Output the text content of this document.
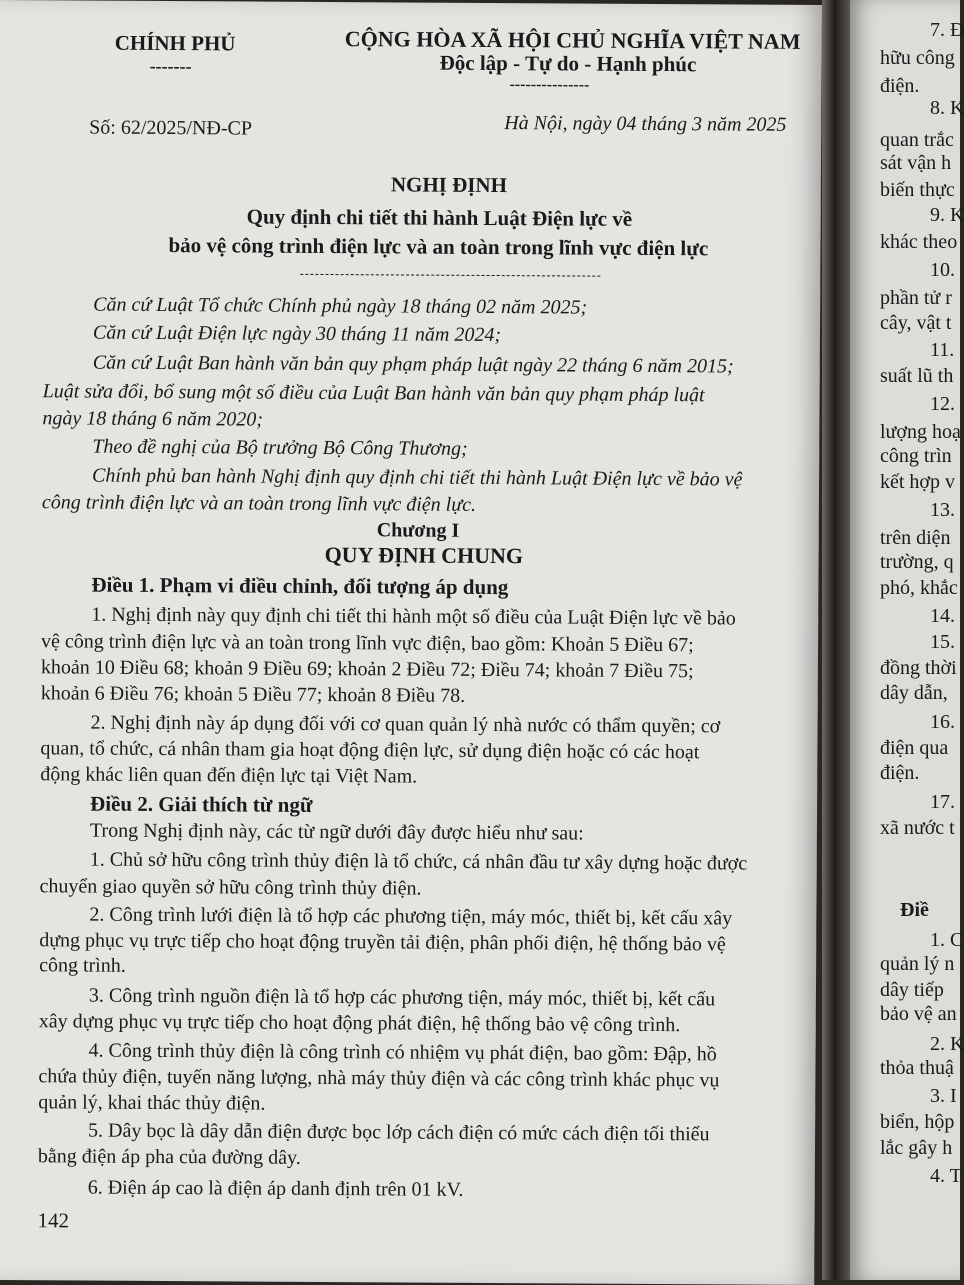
CHÍNH PHỦ
-------
CỘNG HÒA XÃ HỘI CHỦ NGHĨA VIỆT NAM
Độc lập - Tự do - Hạnh phúc
---------------
Số: 62/2025/NĐ-CP	Hà Nội, ngày 04 tháng 3 năm 2025
NGHỊ ĐỊNH
Quy định chi tiết thi hành Luật Điện lực về
bảo vệ công trình điện lực và an toàn trong lĩnh vực điện lực
Căn cứ Luật Tổ chức Chính phủ ngày 18 tháng 02 năm 2025;
Căn cứ Luật Điện lực ngày 30 tháng 11 năm 2024;
Căn cứ Luật Ban hành văn bản quy phạm pháp luật ngày 22 tháng 6 năm 2015;
Luật sửa đổi, bổ sung một số điều của Luật Ban hành văn bản quy phạm pháp luật
ngày 18 tháng 6 năm 2020;
Theo đề nghị của Bộ trưởng Bộ Công Thương;
Chính phủ ban hành Nghị định quy định chi tiết thi hành Luật Điện lực về bảo vệ
công trình điện lực và an toàn trong lĩnh vực điện lực.
Chương I
QUY ĐỊNH CHUNG
Điều 1. Phạm vi điều chỉnh, đối tượng áp dụng
1. Nghị định này quy định chi tiết thi hành một số điều của Luật Điện lực về bảo
vệ công trình điện lực và an toàn trong lĩnh vực điện, bao gồm: Khoản 5 Điều 67;
khoản 10 Điều 68; khoản 9 Điều 69; khoản 2 Điều 72; Điều 74; khoản 7 Điều 75;
khoản 6 Điều 76; khoản 5 Điều 77; khoản 8 Điều 78.
2. Nghị định này áp dụng đối với cơ quan quản lý nhà nước có thẩm quyền; cơ
quan, tổ chức, cá nhân tham gia hoạt động điện lực, sử dụng điện hoặc có các hoạt
động khác liên quan đến điện lực tại Việt Nam.
Điều 2. Giải thích từ ngữ
Trong Nghị định này, các từ ngữ dưới đây được hiểu như sau:
1. Chủ sở hữu công trình thủy điện là tổ chức, cá nhân đầu tư xây dựng hoặc được
chuyển giao quyền sở hữu công trình thủy điện.
2. Công trình lưới điện là tổ hợp các phương tiện, máy móc, thiết bị, kết cấu xây
dựng phục vụ trực tiếp cho hoạt động truyền tải điện, phân phối điện, hệ thống bảo vệ
công trình.
3. Công trình nguồn điện là tổ hợp các phương tiện, máy móc, thiết bị, kết cấu
xây dựng phục vụ trực tiếp cho hoạt động phát điện, hệ thống bảo vệ công trình.
4. Công trình thủy điện là công trình có nhiệm vụ phát điện, bao gồm: Đập, hồ
chứa thủy điện, tuyến năng lượng, nhà máy thủy điện và các công trình khác phục vụ
quản lý, khai thác thủy điện.
5. Dây bọc là dây dẫn điện được bọc lớp cách điện có mức cách điện tối thiểu
bằng điện áp pha của đường dây.
6. Điện áp cao là điện áp danh định trên 01 kV.
142
7. Đ
hữu công
điện.
8. K
quan trắc
sát vận h
biến thực
9. K
khác theo
10.
phần tử r
cây, vật t
11.
suất lũ th
12.
lượng hoạ
công trìn
kết hợp v
13.
trên diện
trường, q
phó, khắc
14.
15.
đồng thời
dây dẫn,
16.
điện qua
điện.
17.
xã nước t
Điề
1. C
quản lý n
dây tiếp
bảo vệ an
2. K
thỏa thuậ
3. I
biển, hộp
lắc gây h
4. T
